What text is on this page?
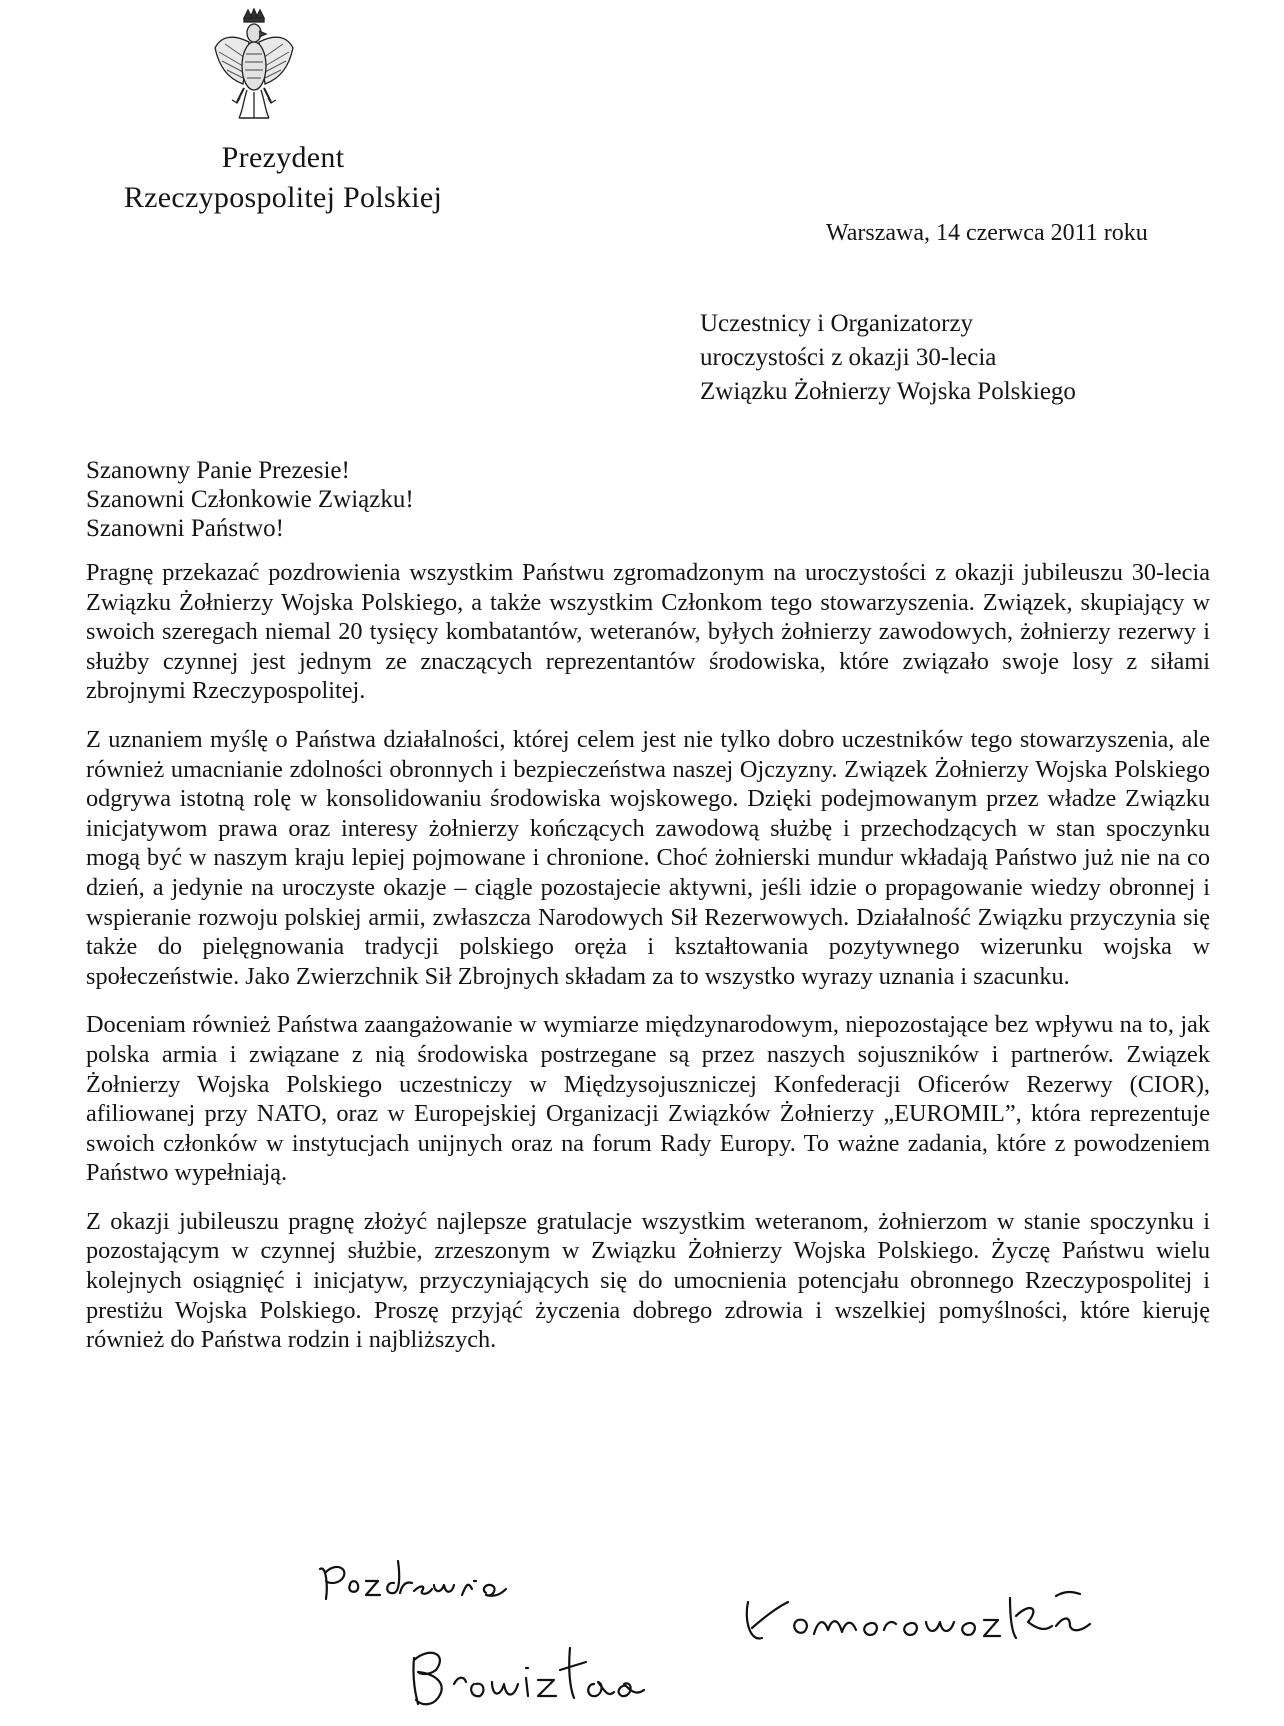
Prezydent
Rzeczypospolitej Polskiej
Warszawa, 14 czerwca 2011 roku
Uczestnicy i Organizatorzy
uroczystości z okazji 30-lecia
Związku Żołnierzy Wojska Polskiego
Szanowny Panie Prezesie!
Szanowni Członkowie Związku!
Szanowni Państwo!

Pragnę przekazać pozdrowienia wszystkim Państwu zgromadzonym na uroczystości z okazji jubileuszu 30-lecia Związku Żołnierzy Wojska Polskiego, a także wszystkim Członkom tego stowarzyszenia. Związek, skupiający w swoich szeregach niemal 20 tysięcy kombatantów, weteranów, byłych żołnierzy zawodowych, żołnierzy rezerwy i służby czynnej jest jednym ze znaczących reprezentantów środowiska, które związało swoje losy z siłami zbrojnymi Rzeczypospolitej.

Z uznaniem myślę o Państwa działalności, której celem jest nie tylko dobro uczestników tego stowarzyszenia, ale również umacnianie zdolności obronnych i bezpieczeństwa naszej Ojczyzny. Związek Żołnierzy Wojska Polskiego odgrywa istotną rolę w konsolidowaniu środowiska wojskowego. Dzięki podejmowanym przez władze Związku inicjatywom prawa oraz interesy żołnierzy kończących zawodową służbę i przechodzących w stan spoczynku mogą być w naszym kraju lepiej pojmowane i chronione. Choć żołnierski mundur wkładają Państwo już nie na co dzień, a jedynie na uroczyste okazje – ciągle pozostajecie aktywni, jeśli idzie o propagowanie wiedzy obronnej i wspieranie rozwoju polskiej armii, zwłaszcza Narodowych Sił Rezerwowych. Działalność Związku przyczynia się także do pielęgnowania tradycji polskiego oręża i kształtowania pozytywnego wizerunku wojska w społeczeństwie. Jako Zwierzchnik Sił Zbrojnych składam za to wszystko wyrazy uznania i szacunku.

Doceniam również Państwa zaangażowanie w wymiarze międzynarodowym, niepozostające bez wpływu na to, jak polska armia i związane z nią środowiska postrzegane są przez naszych sojuszników i partnerów. Związek Żołnierzy Wojska Polskiego uczestniczy w Międzysojuszniczej Konfederacji Oficerów Rezerwy (CIOR), afiliowanej przy NATO, oraz w Europejskiej Organizacji Związków Żołnierzy „EUROMIL”, która reprezentuje swoich członków w instytucjach unijnych oraz na forum Rady Europy. To ważne zadania, które z powodzeniem Państwo wypełniają.

Z okazji jubileuszu pragnę złożyć najlepsze gratulacje wszystkim weteranom, żołnierzom w stanie spoczynku i pozostającym w czynnej służbie, zrzeszonym w Związku Żołnierzy Wojska Polskiego. Życzę Państwu wielu kolejnych osiągnięć i inicjatyw, przyczyniających się do umocnienia potencjału obronnego Rzeczypospolitej i prestiżu Wojska Polskiego. Proszę przyjąć życzenia dobrego zdrowia i wszelkiej pomyślności, które kieruję również do Państwa rodzin i najbliższych.
